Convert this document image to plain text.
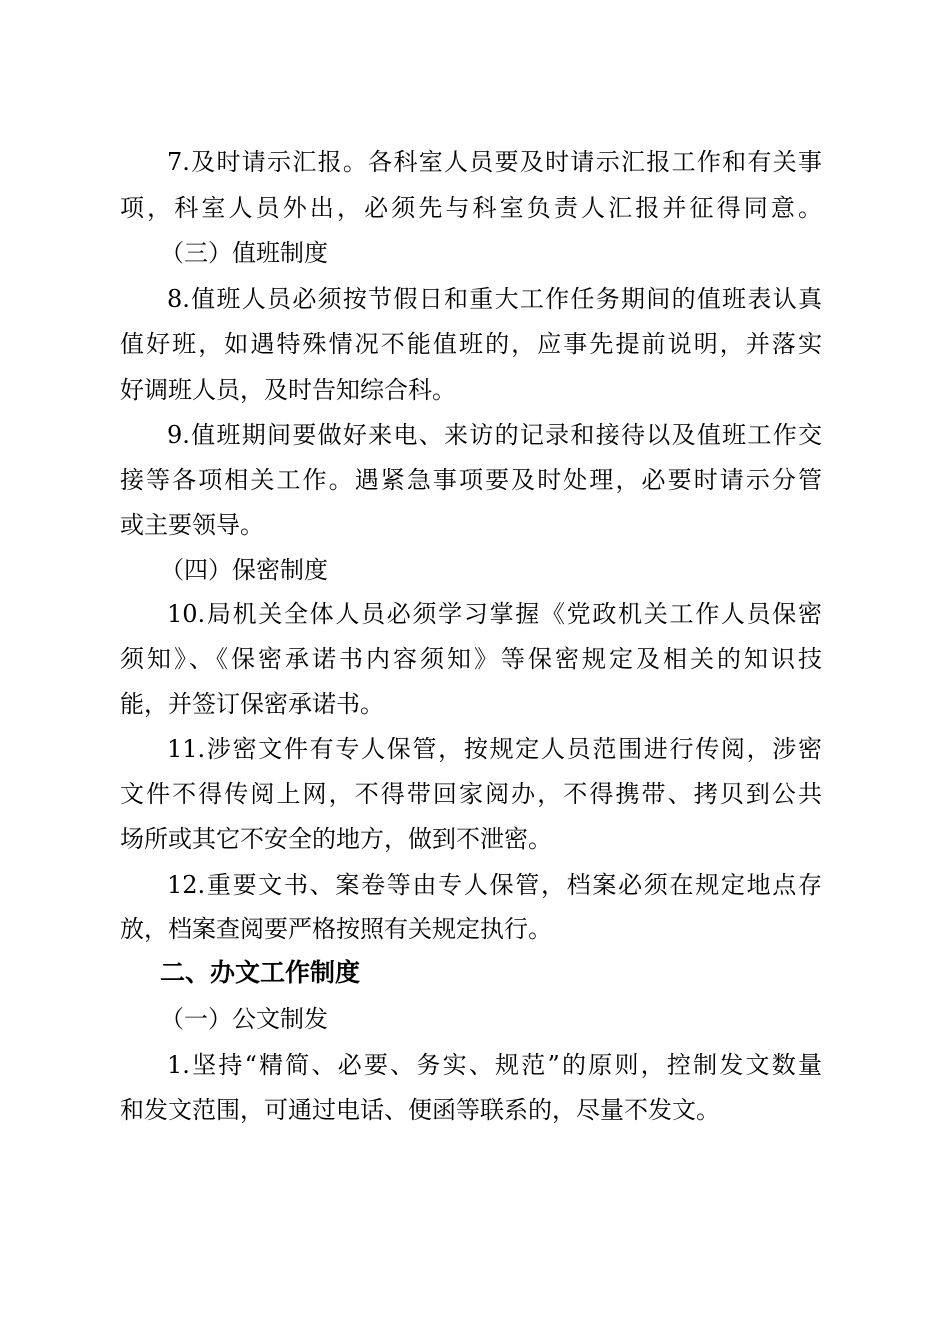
7.及时请示汇报。各科室人员要及时请示汇报工作和有关事
项，科室人员外出，必须先与科室负责人汇报并征得同意。
（三）值班制度
8.值班人员必须按节假日和重大工作任务期间的值班表认真
值好班，如遇特殊情况不能值班的，应事先提前说明，并落实
好调班人员，及时告知综合科。
9.值班期间要做好来电、来访的记录和接待以及值班工作交
接等各项相关工作。遇紧急事项要及时处理，必要时请示分管
或主要领导。
（四）保密制度
10.局机关全体人员必须学习掌握《党政机关工作人员保密
须知》、《保密承诺书内容须知》等保密规定及相关的知识技
能，并签订保密承诺书。
11.涉密文件有专人保管，按规定人员范围进行传阅，涉密
文件不得传阅上网，不得带回家阅办，不得携带、拷贝到公共
场所或其它不安全的地方，做到不泄密。
12.重要文书、案卷等由专人保管，档案必须在规定地点存
放，档案查阅要严格按照有关规定执行。
二、办文工作制度
（一）公文制发
1.坚持“精简、必要、务实、规范”的原则，控制发文数量
和发文范围，可通过电话、便函等联系的，尽量不发文。
